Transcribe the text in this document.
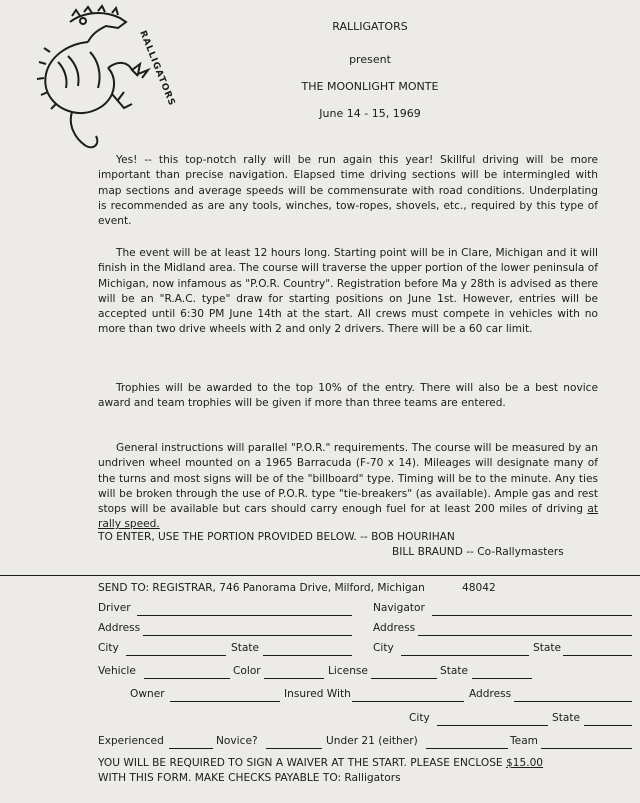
RALLIGATORS
RALLIGATORS
present
THE MOONLIGHT MONTE
June 14 - 15, 1969

Yes! -- this top-notch rally will be run again this year! Skillful driving will be more important than precise navigation. Elapsed time driving sections will be intermingled with map sections and average speeds will be commensurate with road conditions. Underplating is recommended as are any tools, winches, tow-ropes, shovels, etc., required by this type of event.

The event will be at least 12 hours long. Starting point will be in Clare, Michigan and it will finish in the Midland area. The course will traverse the upper portion of the lower peninsula of Michigan, now infamous as "P.O.R. Country". Registration before Ma y 28th is advised as there will be an "R.A.C. type" draw for starting positions on June 1st. However, entries will be accepted until 6:30 PM June 14th at the start. All crews must compete in vehicles with no more than two drive wheels with 2 and only 2 drivers. There will be a 60 car limit.

Trophies will be awarded to the top 10% of the entry. There will also be a best novice award and team trophies will be given if more than three teams are entered.

General instructions will parallel "P.O.R." requirements. The course will be measured by an undriven wheel mounted on a 1965 Barracuda (F-70 x 14). Mileages will designate many of the turns and most signs will be of the "billboard" type. Timing will be to the minute. Any ties will be broken through the use of P.O.R. type "tie-breakers" (as available). Ample gas and rest stops will be available but cars should carry enough fuel for at least 200 miles of driving at rally speed.

TO ENTER, USE THE PORTION PROVIDED BELOW. -- BOB HOURIHAN
BILL BRAUND -- Co-Rallymasters
SEND TO: REGISTRAR, 746 Panorama Drive, Milford, Michigan	48042
Driver	Navigator
Address	Address
City	State	City	State
Vehicle	Color	License	State
Owner	Insured With	Address
City	State
Experienced	Novice?	Under 21 (either)	Team
YOU WILL BE REQUIRED TO SIGN A WAIVER AT THE START. PLEASE ENCLOSE $15.00
WITH THIS FORM. MAKE CHECKS PAYABLE TO: Ralligators
